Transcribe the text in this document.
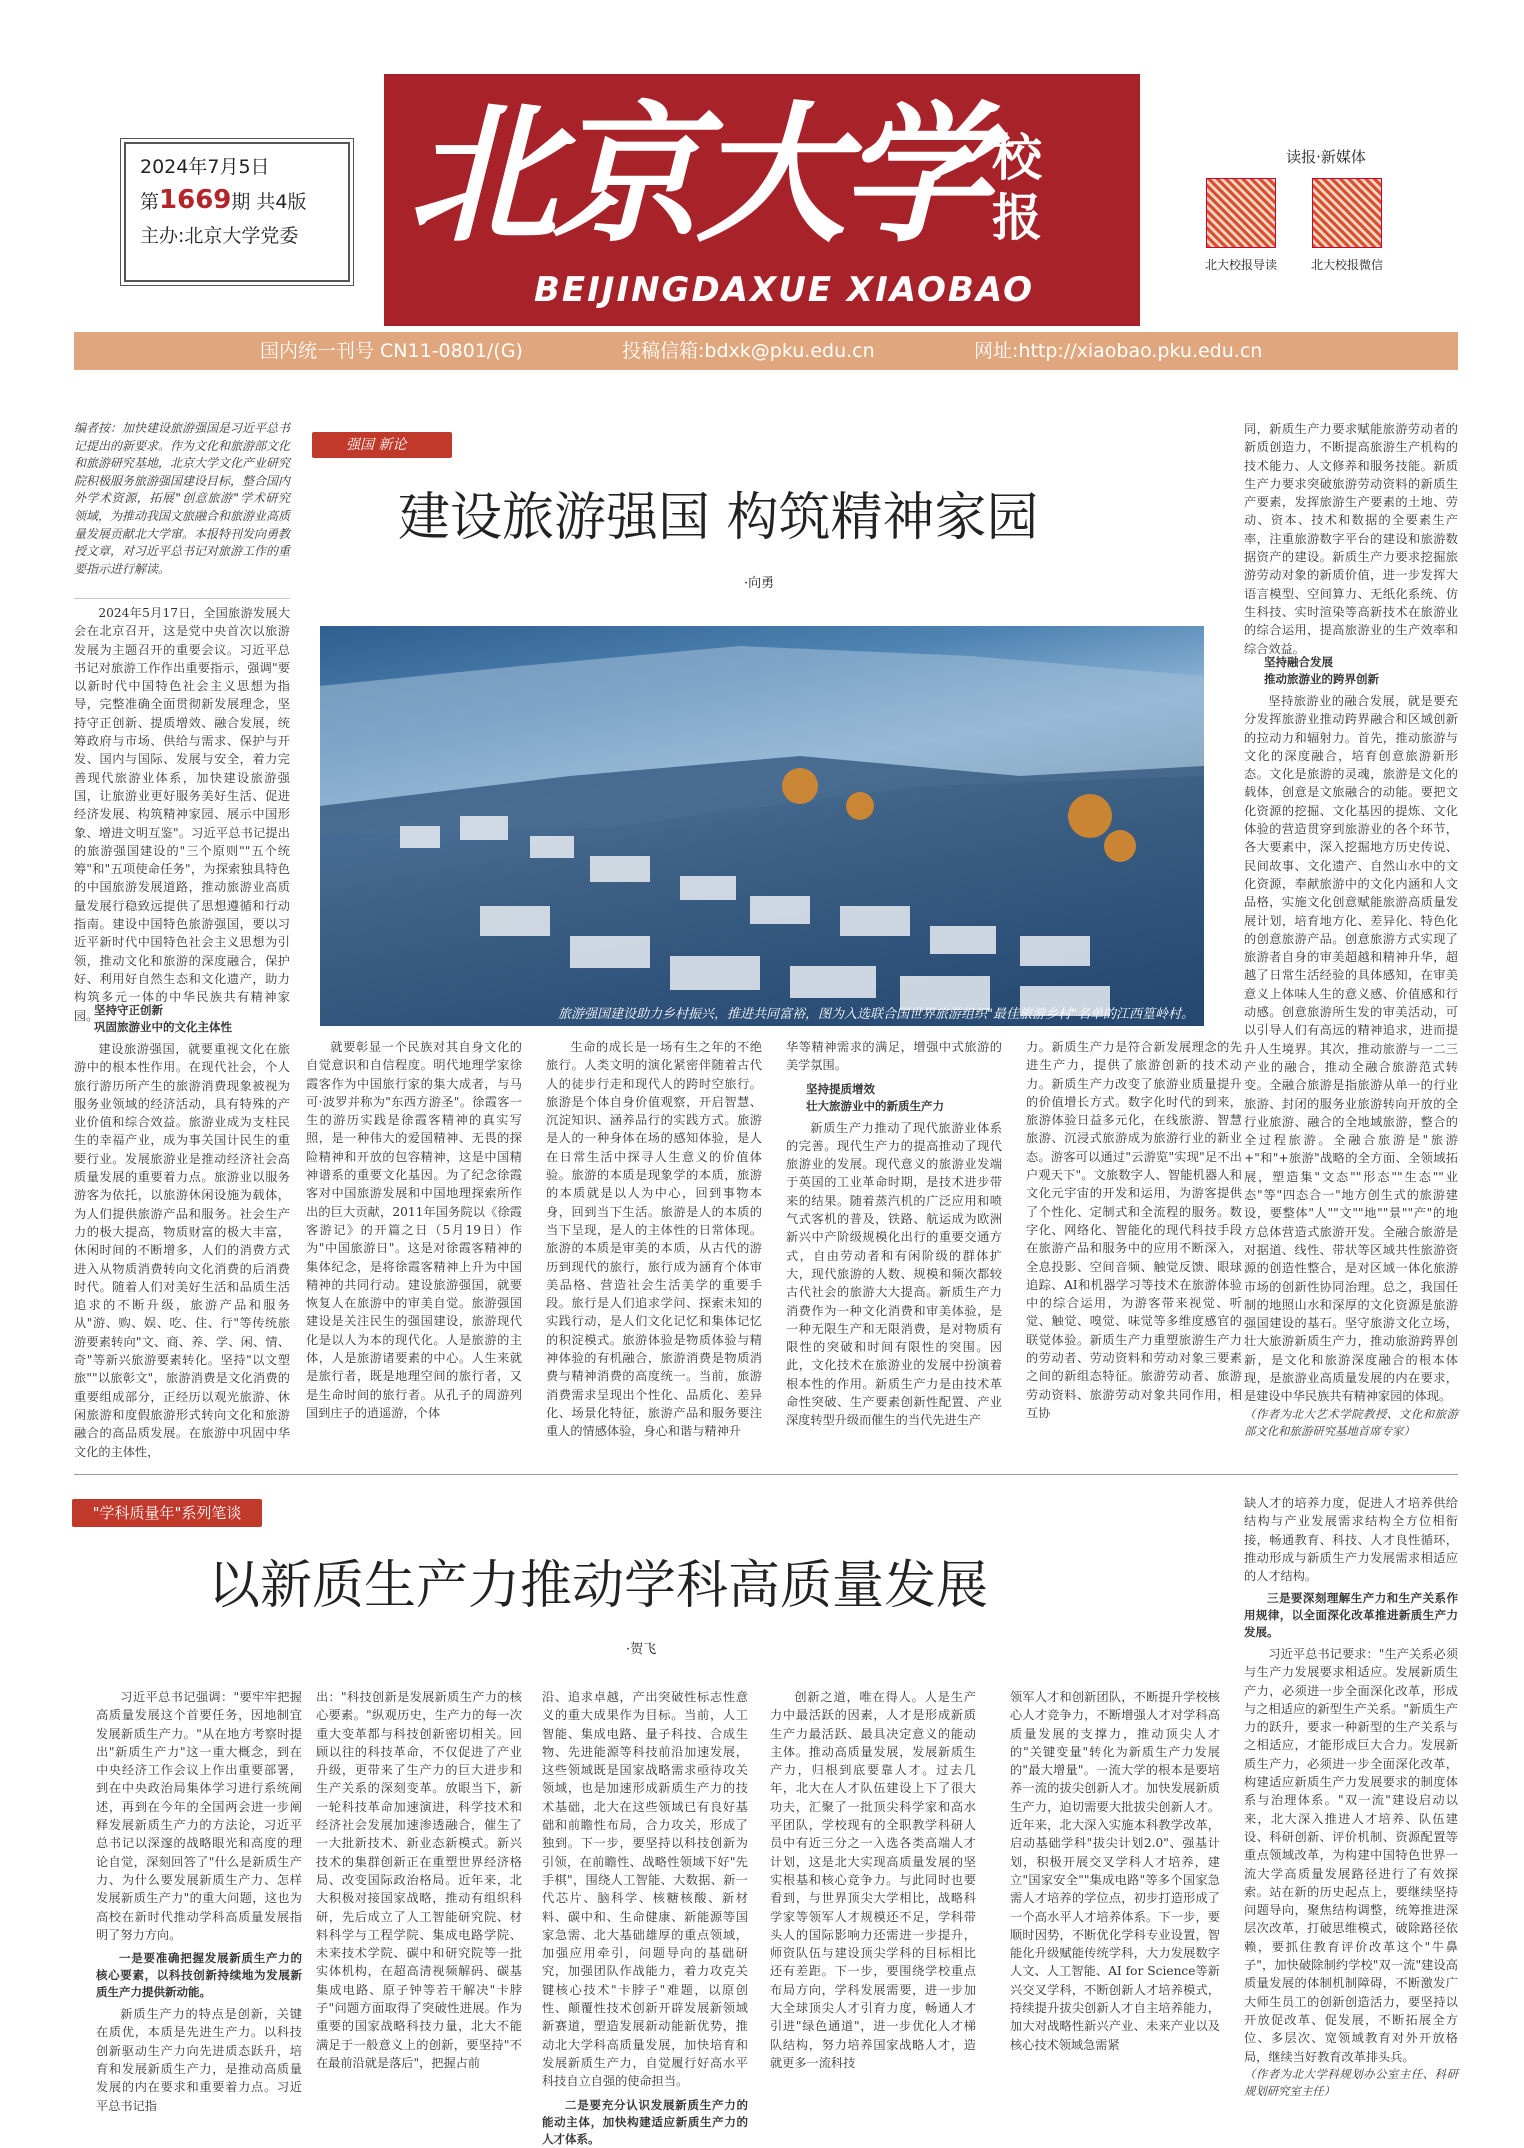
2024年7月5日
第1669期 共4版
主办:北京大学党委 北京大学 校报
BEIJINGDAXUE XIAOBAO
读报·新媒体
北大校报导读	北大校报微信
国内统一刊号 CN11-0801/(G)	投稿信箱:bdxk@pku.edu.cn	网址:http://xiaobao.pku.edu.cn

编者按：加快建设旅游强国是习近平总书记提出的新要求。作为文化和旅游部文化和旅游研究基地，北京大学文化产业研究院积极服务旅游强国建设目标，整合国内外学术资源，拓展"创意旅游"学术研究领域，为推动我国文旅融合和旅游业高质量发展贡献北大学窜。本报特刊发向勇教授文章，对习近平总书记对旅游工作的重要指示进行解读。

2024年5月17日，全国旅游发展大会在北京召开，这是党中央首次以旅游发展为主题召开的重要会议。习近平总书记对旅游工作作出重要指示，强调"要以新时代中国特色社会主义思想为指导，完整准确全面贯彻新发展理念，坚持守正创新、提质增效、融合发展，统筹政府与市场、供给与需求、保护与开发、国内与国际、发展与安全，着力完善现代旅游业体系，加快建设旅游强国，让旅游业更好服务美好生活、促进经济发展、构筑精神家园、展示中国形象、增进文明互鉴"。习近平总书记提出的旅游强国建设的"三个原则""五个统筹"和"五项使命任务"，为探索独具特色的中国旅游发展道路，推动旅游业高质量发展行稳致远提供了思想遵循和行动指南。建设中国特色旅游强国，要以习近平新时代中国特色社会主义思想为引领，推动文化和旅游的深度融合，保护好、利用好自然生态和文化遗产，助力构筑多元一体的中华民族共有精神家园。

坚持守正创新
巩固旅游业中的文化主体性

建设旅游强国，就要重视文化在旅游中的根本性作用。在现代社会，个人旅行游历所产生的旅游消费现象被视为服务业领域的经济活动，具有特殊的产业价值和综合效益。旅游业成为支柱民生的幸福产业，成为事关国计民生的重要行业。发展旅游业是推动经济社会高质量发展的重要着力点。旅游业以服务游客为依托，以旅游休闲设施为载体，为人们提供旅游产品和服务。社会生产力的极大提高，物质财富的极大丰富，休闲时间的不断增多，人们的消费方式进入从物质消费转向文化消费的后消费时代。随着人们对美好生活和品质生活追求的不断升级，旅游产品和服务从"游、购、娱、吃、住、行"等传统旅游要素转向"文、商、养、学、闲、情、奇"等新兴旅游要素转化。坚持"以文塑旅""以旅彰文"，旅游消费是文化消费的重要组成部分，正经历以观光旅游、休闲旅游和度假旅游形式转向文化和旅游融合的高品质发展。在旅游中巩固中华文化的主体性，

强国 新论
建设旅游强国 构筑精神家园
·向勇
旅游强国建设助力乡村振兴，推进共同富裕，图为入选联合国世界旅游组织"最佳旅游乡村"名单的江西篁岭村。

就要彰显一个民族对其自身文化的自觉意识和自信程度。明代地理学家徐霞客作为中国旅行家的集大成者，与马可·波罗并称为"东西方游圣"。徐霞客一生的游历实践是徐霞客精神的真实写照，是一种伟大的爱国精神、无畏的探险精神和开放的包容精神，这是中国精神谱系的重要文化基因。为了纪念徐霞客对中国旅游发展和中国地理探索所作出的巨大贡献，2011年国务院以《徐霞客游记》的开篇之日（5月19日）作为"中国旅游日"。这是对徐霞客精神的集体纪念，是将徐霞客精神上升为中国精神的共同行动。建设旅游强国，就要恢复人在旅游中的审美自觉。旅游强国建设是关注民生的强国建设，旅游现代化是以人为本的现代化。人是旅游的主体，人是旅游诸要素的中心。人生来就是旅行者，既是地理空间的旅行者，又是生命时间的旅行者。从孔子的周游列国到庄子的逍遥游，个体

生命的成长是一场有生之年的不绝旅行。人类文明的演化紧密伴随着古代人的徒步行走和现代人的跨时空旅行。旅游是个体自身价值观察，开启智慧、沉淀知识、涵养品行的实践方式。旅游是人的一种身体在场的感知体验，是人在日常生活中探寻人生意义的价值体验。旅游的本质是现象学的本质，旅游的本质就是以人为中心，回到事物本身，回到当下生活。旅游是人的本质的当下呈现，是人的主体性的日常体现。旅游的本质是审美的本质，从古代的游历到现代的旅行，旅行成为涵育个体审美品格、营造社会生活美学的重要手段。旅行是人们追求学问、探索未知的实践行动，是人们文化记忆和集体记忆的积淀模式。旅游体验是物质体验与精神体验的有机融合，旅游消费是物质消费与精神消费的高度统一。当前，旅游消费需求呈现出个性化、品质化、差异化、场景化特征，旅游产品和服务要注重人的情感体验，身心和谐与精神升

华等精神需求的满足，增强中式旅游的美学氛围。

坚持提质增效
壮大旅游业中的新质生产力

新质生产力推动了现代旅游业体系的完善。现代生产力的提高推动了现代旅游业的发展。现代意义的旅游业发端于英国的工业革命时期，是技术进步带来的结果。随着蒸汽机的广泛应用和喷气式客机的普及，铁路、航运成为欧洲新兴中产阶级规模化出行的重要交通方式，自由劳动者和有闲阶级的群体扩大，现代旅游的人数、规模和频次都较古代社会的旅游大大提高。新质生产力消费作为一种文化消费和审美体验，是一种无限生产和无限消费，是对物质有限性的突破和时间有限性的突围。因此，文化技术在旅游业的发展中扮演着根本性的作用。新质生产力是由技术革命性突破、生产要素创新性配置、产业深度转型升级而催生的当代先进生产

力。新质生产力是符合新发展理念的先进生产力，提供了旅游创新的技术动力。新质生产力改变了旅游业质量提升的价值增长方式。数字化时代的到来，旅游体验日益多元化，在线旅游、智慧旅游、沉浸式旅游成为旅游行业的新业态。游客可以通过"云游览"实现"足不出户观天下"。文旅数字人、智能机器人和文化元宇宙的开发和运用，为游客提供了个性化、定制式和全流程的服务。数字化、网络化、智能化的现代科技手段在旅游产品和服务中的应用不断深入，全息投影、空间音频、触觉反馈、眼球追踪、AI和机器学习等技术在旅游体验中的综合运用，为游客带来视觉、听觉、触觉、嗅觉、味觉等多维度感官的联觉体验。新质生产力重塑旅游生产力的劳动者、劳动资料和劳动对象三要素之间的新组态特征。旅游劳动者、旅游劳动资料、旅游劳动对象共同作用，相互协

同，新质生产力要求赋能旅游劳动者的新质创造力，不断提高旅游生产机构的技术能力、人文修养和服务技能。新质生产力要求突破旅游劳动资料的新质生产要素，发挥旅游生产要素的土地、劳动、资本、技术和数据的全要素生产率，注重旅游数字平台的建设和旅游数据资产的建设。新质生产力要求挖掘旅游劳动对象的新质价值，进一步发挥大语言模型、空间算力、无纸化系统、仿生科技、实时渲染等高新技术在旅游业的综合运用，提高旅游业的生产效率和综合效益。

坚持融合发展
推动旅游业的跨界创新

坚持旅游业的融合发展，就是要充分发挥旅游业推动跨界融合和区域创新的拉动力和辐射力。首先，推动旅游与文化的深度融合，培育创意旅游新形态。文化是旅游的灵魂，旅游是文化的载体，创意是文旅融合的动能。要把文化资源的挖掘、文化基因的提炼、文化体验的营造贯穿到旅游业的各个环节，各大要素中，深入挖掘地方历史传说、民间故事、文化遗产、自然山水中的文化资源，奉献旅游中的文化内涵和人文品格，实施文化创意赋能旅游高质量发展计划，培育地方化、差异化、特色化的创意旅游产品。创意旅游方式实现了旅游者自身的审美超越和精神升华，超越了日常生活经验的具体感知，在审美意义上体味人生的意义感、价值感和行动感。创意旅游所生发的审美活动，可以引导人们有高远的精神追求，进而提升人生境界。其次，推动旅游与一二三产业的融合，推动全融合旅游范式转变。全融合旅游是指旅游从单一的行业旅游、封闭的服务业旅游转向开放的全行业旅游、融合的全地域旅游，整合的全过程旅游。全融合旅游是"旅游+"和"+旅游"战略的全方面、全领域拓展，塑造集"文态""形态""生态""业态"等"四态合一"地方创生式的旅游建设，要整体"人""文""地""景""产"的地方总体营造式旅游开发。全融合旅游是对据道、线性、带状等区域共性旅游资源的创造性整合，是对区域一体化旅游市场的创新性协同治理。总之，我国任制的地照山水和深厚的文化资源是旅游强国建设的基石。坚守旅游文化立场，壮大旅游新质生产力，推动旅游跨界创新，是文化和旅游深度融合的根本体现，是旅游业高质量发展的内在要求，是建设中华民族共有精神家园的体现。

（作者为北大艺术学院教授、文化和旅游部文化和旅游研究基地首席专家）

"学科质量年"系列笔谈
以新质生产力推动学科高质量发展
·贺飞

习近平总书记强调："要牢牢把握高质量发展这个首要任务，因地制宜发展新质生产力。"从在地方考察时提出"新质生产力"这一重大概念，到在中央经济工作会议上作出重要部署，到在中央政治局集体学习进行系统阐述，再到在今年的全国两会进一步阐释发展新质生产力的方法论，习近平总书记以深邃的战略眼光和高度的理论自觉，深刻回答了"什么是新质生产力、为什么要发展新质生产力、怎样发展新质生产力"的重大问题，这也为高校在新时代推动学科高质量发展指明了努力方向。

一是要准确把握发展新质生产力的核心要素，以科技创新持续地为发展新质生产力提供新动能。

新质生产力的特点是创新，关键在质优，本质是先进生产力。以科技创新驱动生产力向先进质态跃升，培育和发展新质生产力，是推动高质量发展的内在要求和重要着力点。习近平总书记指

出："科技创新是发展新质生产力的核心要素。"纵观历史，生产力的每一次重大变革都与科技创新密切相关。回顾以往的科技革命，不仅促进了产业升级，更带来了生产力的巨大进步和生产关系的深刻变革。放眼当下，新一轮科技革命加速演进，科学技术和经济社会发展加速渗透融合，催生了一大批新技术、新业态新模式。新兴技术的集群创新正在重塑世界经济格局、改变国际政治格局。近年来，北大积极对接国家战略，推动有组织科研，先后成立了人工智能研究院、材料科学与工程学院、集成电路学院、未来技术学院、碳中和研究院等一批实体机构，在超高清视频解码、碳基集成电路、原子钟等若干解决"卡脖子"问题方面取得了突破性进展。作为重要的国家战略科技力量，北大不能满足于一般意义上的创新，要坚持"不在最前沿就是落后"，把握占前

沿、追求卓越，产出突破性标志性意义的重大成果作为目标。当前，人工智能、集成电路、量子科技、合成生物、先进能源等科技前沿加速发展，这些领域既是国家战略需求亟待攻关领域，也是加速形成新质生产力的技术基础，北大在这些领域已有良好基础和前瞻性布局，合力攻关，形成了独到。下一步，要坚持以科技创新为引领，在前瞻性、战略性领域下好"先手棋"，围绕人工智能、大数据、新一代芯片、脑科学、核糖核酸、新材料、碳中和、生命健康、新能源等国家急需、北大基础雄厚的重点领域，加强应用牵引，问题导向的基础研究，加强团队作战能力，着力攻克关键核心技术"卡脖子"难题，以原创性、颠覆性技术创新开辟发展新领域新赛道，塑造发展新动能新优势，推动北大学科高质量发展，加快培育和发展新质生产力，自觉履行好高水平科技自立自强的使命担当。

二是要充分认识发展新质生产力的能动主体，加快构建适应新质生产力的人才体系。

创新之道，唯在得人。人是生产力中最活跃的因素，人才是形成新质生产力最活跃、最具决定意义的能动主体。推动高质量发展，发展新质生产力，归根到底要靠人才。过去几年，北大在人才队伍建设上下了很大功夫，汇聚了一批顶尖科学家和高水平团队，学校现有的全职教学科研人员中有近三分之一入选各类高端人才计划，这是北大实现高质量发展的坚实根基和核心竞争力。与此同时也要看到，与世界顶尖大学相比，战略科学家等领军人才规模还不足，学科带头人的国际影响力还需进一步提升，师资队伍与建设顶尖学科的目标相比还有差距。下一步，要围绕学校重点布局方向，学科发展需要，进一步加大全球顶尖人才引育力度，畅通人才引进"绿色通道"，进一步优化人才梯队结构，努力培养国家战略人才，造就更多一流科技

领军人才和创新团队，不断提升学校核心人才竞争力，不断增强人才对学科高质量发展的支撑力，推动顶尖人才的"关键变量"转化为新质生产力发展的"最大增量"。一流大学的根本是要培养一流的拔尖创新人才。加快发展新质生产力，迫切需要大批拔尖创新人才。近年来，北大深入实施本科教学改革，启动基础学科"拔尖计划2.0"、强基计划，积极开展交叉学科人才培养，建立"国家安全""集成电路"等多个国家急需人才培养的学位点，初步打造形成了一个高水平人才培养体系。下一步，要顺时因势，不断优化学科专业设置，智能化升级赋能传统学科，大力发展数字人文、人工智能、AI for Science等新兴交叉学科，不断创新人才培养模式，持续提升拔尖创新人才自主培养能力，加大对战略性新兴产业、未来产业以及核心技术领域急需紧

缺人才的培养力度，促进人才培养供给结构与产业发展需求结构全方位相衔接，畅通教育、科技、人才良性循环，推动形成与新质生产力发展需求相适应的人才结构。

三是要深刻理解生产力和生产关系作用规律，以全面深化改革推进新质生产力发展。

习近平总书记要求："生产关系必须与生产力发展要求相适应。发展新质生产力，必须进一步全面深化改革，形成与之相适应的新型生产关系。"新质生产力的跃升，要求一种新型的生产关系与之相适应，才能形成巨大合力。发展新质生产力，必须进一步全面深化改革，构建适应新质生产力发展要求的制度体系与治理体系。"双一流"建设启动以来，北大深入推进人才培养、队伍建设、科研创新、评价机制、资源配置等重点领域改革，为构建中国特色世界一流大学高质量发展路径进行了有效探索。站在新的历史起点上，要继续坚持问题导向，聚焦结构调整，统筹推进深层次改革，打破思维模式，破除路径依赖，要抓住教育评价改革这个"牛鼻子"，加快破除制约学校"双一流"建设高质量发展的体制机制障碍，不断激发广大师生员工的创新创造活力，要坚持以开放促改革、促发展，不断拓展全方位、多层次、宽领域教育对外开放格局，继续当好教育改革排头兵。

（作者为北大学科规划办公室主任、科研规划研究室主任）
